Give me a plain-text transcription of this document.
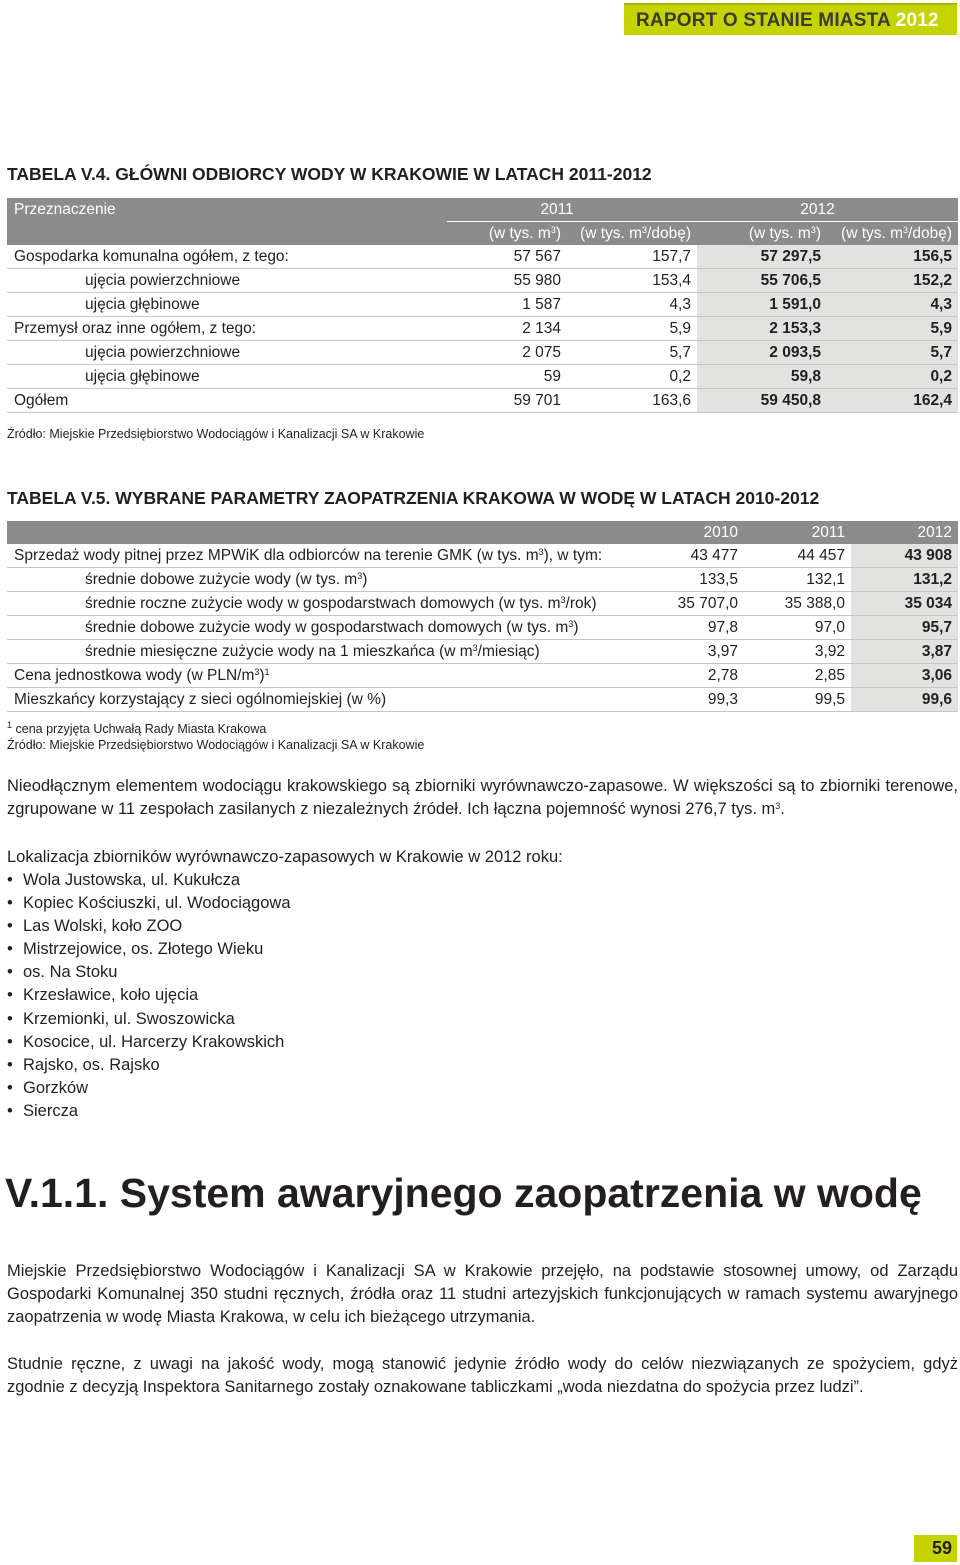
RAPORT O STANIE MIASTA 2012
TABELA V.4. GŁÓWNI ODBIORCY WODY W KRAKOWIE W LATACH 2011-2012
Przeznaczenie	2011		2012	
	(w tys. $m^3$)	(w tys. $m^3/dobę$)	(w tys. $m^3$)	(w tys. $m^3/dobę$)
Gospodarka komunalna ogółem, z tego:	57 567	157,7	57 297,5	156,5
ujęcia powierzchniowe	55 980	153,4	55 706,5	152,2
ujęcia głębinowe	1 587	4,3	1 591,0	4,3
Przemysł oraz inne ogółem, z tego:	2 134	5,9	2 153,3	5,9
ujęcia powierzchniowe	2 075	5,7	2 093,5	5,7
ujęcia głębinowe	59	0,2	59,8	0,2
Ogółem	59 701	163,6	59 450,8	162,4
Źródło: Miejskie Przedsiębiorstwo Wodociągów i Kanalizacji SA w Krakowie
TABELA V.5. WYBRANE PARAMETRY ZAOPATRZENIA KRAKOWA W WODĘ W LATACH 2010-2012
	2010	2011	2012
Sprzedaż wody pitnej przez MPWiK dla odbiorców na terenie GMK (w tys. $m^3$), w tym:	43 477	44 457	43 908
średnie dobowe zużycie wody (w tys. $m^3$)	133,5	132,1	131,2
średnie roczne zużycie wody w gospodarstwach domowych (w tys. $m^3/rok$)	35 707,0	35 388,0	35 034
średnie dobowe zużycie wody w gospodarstwach domowych (w tys. $m^3$)	97,8	97,0	95,7
średnie miesięczne zużycie wody na 1 mieszkańca (w $m^3/miesiąc$)	3,97	3,92	3,87
Cena jednostkowa wody (w PLN/$m^3)^1$	2,78	2,85	3,06
Mieszkańcy korzystający z sieci ogólnomiejskiej (w %)	99,3	99,5	99,6
$^1$ cena przyjęta Uchwałą Rady Miasta Krakowa
Źródło: Miejskie Przedsiębiorstwo Wodociągów i Kanalizacji SA w Krakowie
Nieodłącznym elementem wodociągu krakowskiego są zbiorniki wyrównawczo-zapasowe. W większości są to zbiorniki terenowe, zgrupowane w 11 zespołach zasilanych z niezależnych źródeł. Ich łączna pojemność wynosi 276,7 tys. $m^3$.
Lokalizacja zbiorników wyrównawczo-zapasowych w Krakowie w 2012 roku:
• Wola Justowska, ul. Kukułcza
• Kopiec Kościuszki, ul. Wodociągowa
• Las Wolski, koło ZOO
• Mistrzejowice, os. Złotego Wieku
• os. Na Stoku
• Krzesławice, koło ujęcia
• Krzemionki, ul. Swoszowicka
• Kosocice, ul. Harcerzy Krakowskich
• Rajsko, os. Rajsko
• Gorzków
• Siercza
V.1.1. System awaryjnego zaopatrzenia w wodę
Miejskie Przedsiębiorstwo Wodociągów i Kanalizacji SA w Krakowie przejęło, na podstawie stosownej umowy, od Zarządu Gospodarki Komunalnej 350 studni ręcznych, źródła oraz 11 studni artezyjskich funkcjonujących w ramach systemu awaryjnego zaopatrzenia w wodę Miasta Krakowa, w celu ich bieżącego utrzymania.
Studnie ręczne, z uwagi na jakość wody, mogą stanowić jedynie źródło wody do celów niezwiązanych ze spożyciem, gdyż zgodnie z decyzją Inspektora Sanitarnego zostały oznakowane tabliczkami „woda niezdatna do spożycia przez ludzi”.
59
